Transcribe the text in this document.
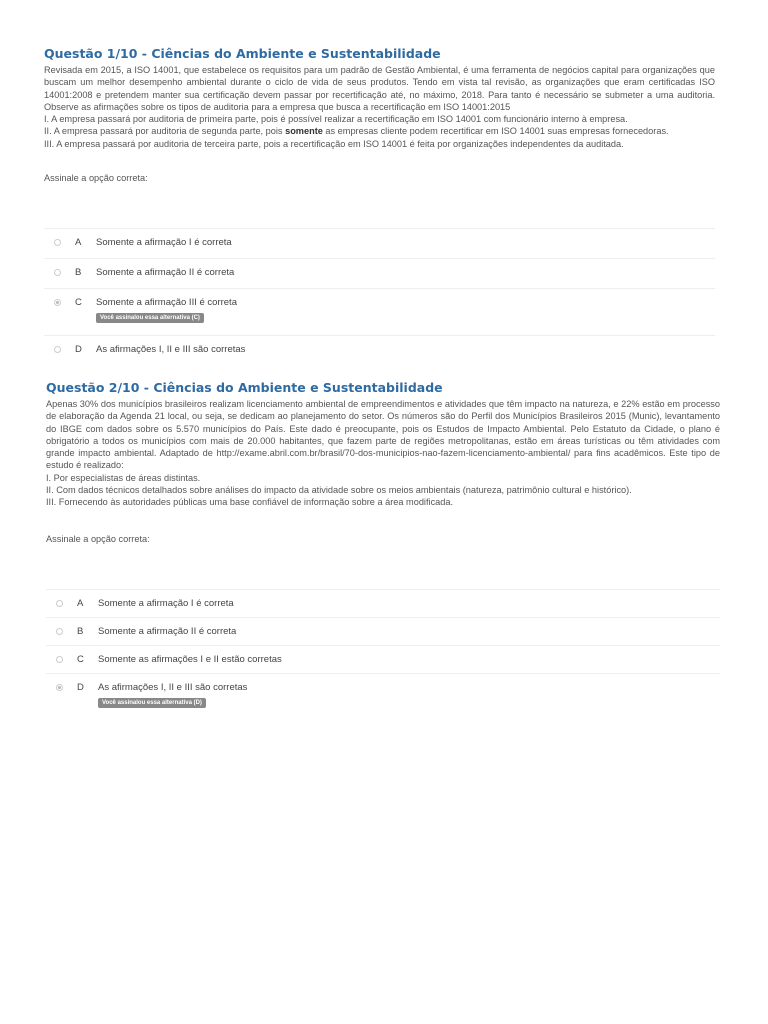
Questão 1/10 - Ciências do Ambiente e Sustentabilidade

Revisada em 2015, a ISO 14001, que estabelece os requisitos para um padrão de Gestão Ambiental, é uma ferramenta de negócios capital para organizações que buscam um melhor desempenho ambiental durante o ciclo de vida de seus produtos. Tendo em vista tal revisão, as organizações que eram certificadas ISO 14001:2008 e pretendem manter sua certificação devem passar por recertificação até, no máximo, 2018. Para tanto é necessário se submeter a uma auditoria. Observe as afirmações sobre os tipos de auditoria para a empresa que busca a recertificação em ISO 14001:2015

I. A empresa passará por auditoria de primeira parte, pois é possível realizar a recertificação em ISO 14001 com funcionário interno à empresa.

II. A empresa passará por auditoria de segunda parte, pois somente as empresas cliente podem recertificar em ISO 14001 suas empresas fornecedoras.

III. A empresa passará por auditoria de terceira parte, pois a recertificação em ISO 14001 é feita por organizações independentes da auditada.

Assinale a opção correta:
A Somente a afirmação I é correta
B Somente a afirmação II é correta
C Somente a afirmação III é correta
Você assinalou essa alternativa (C)
D As afirmações I, II e III são corretas
Questão 2/10 - Ciências do Ambiente e Sustentabilidade

Apenas 30% dos municípios brasileiros realizam licenciamento ambiental de empreendimentos e atividades que têm impacto na natureza, e 22% estão em processo de elaboração da Agenda 21 local, ou seja, se dedicam ao planejamento do setor. Os números são do Perfil dos Municípios Brasileiros 2015 (Munic), levantamento do IBGE com dados sobre os 5.570 municípios do País. Este dado é preocupante, pois os Estudos de Impacto Ambiental. Pelo Estatuto da Cidade, o plano é obrigatório a todos os municípios com mais de 20.000 habitantes, que fazem parte de regiões metropolitanas, estão em áreas turísticas ou têm atividades com grande impacto ambiental. Adaptado de http://exame.abril.com.br/brasil/70-dos-municipios-nao-fazem-licenciamento-ambiental/ para fins acadêmicos. Este tipo de estudo é realizado:

I. Por especialistas de áreas distintas.

II. Com dados técnicos detalhados sobre análises do impacto da atividade sobre os meios ambientais (natureza, patrimônio cultural e histórico).

III. Fornecendo às autoridades públicas uma base confiável de informação sobre a área modificada.

Assinale a opção correta:
A Somente a afirmação I é correta
B Somente a afirmação II é correta
C Somente as afirmações I e II estão corretas
D As afirmações I, II e III são corretas
Você assinalou essa alternativa (D)
